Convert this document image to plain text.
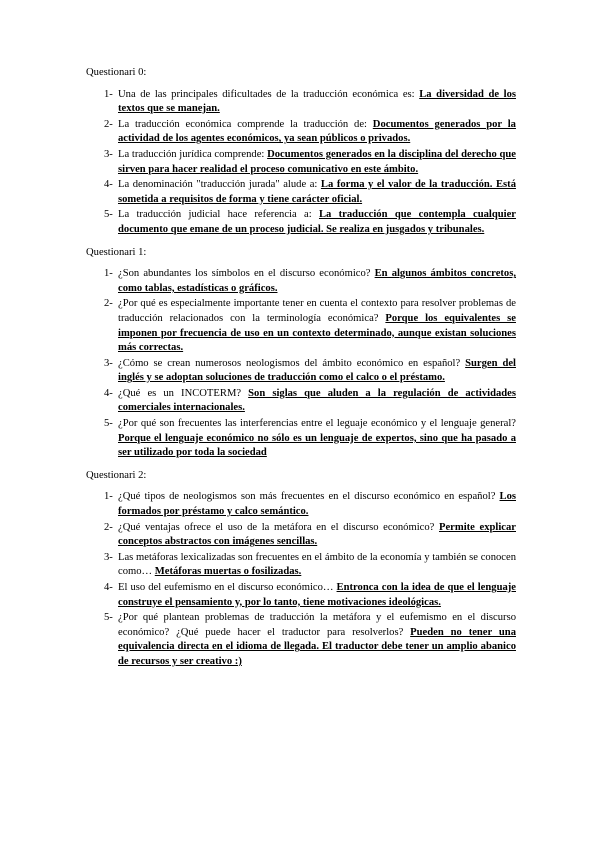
Questionari 0:
1- Una de las principales dificultades de la traducción económica es: La diversidad de los textos que se manejan.
2- La traducción económica comprende la traducción de: Documentos generados por la actividad de los agentes económicos, ya sean públicos o privados.
3- La traducción jurídica comprende: Documentos generados en la disciplina del derecho que sirven para hacer realidad el proceso comunicativo en este ámbito.
4- La denominación "traducción jurada" alude a: La forma y el valor de la traducción. Está sometida a requisitos de forma y tiene carácter oficial.
5- La traducción judicial hace referencia a: La traducción que contempla cualquier documento que emane de un proceso judicial. Se realiza en jusgados y tribunales.
Questionari 1:
1- ¿Son abundantes los símbolos en el discurso económico? En algunos ámbitos concretos, como tablas, estadísticas o gráficos.
2- ¿Por qué es especialmente importante tener en cuenta el contexto para resolver problemas de traducción relacionados con la terminología económica? Porque los equivalentes se imponen por frecuencia de uso en un contexto determinado, aunque existan soluciones más correctas.
3- ¿Cómo se crean numerosos neologismos del ámbito económico en español? Surgen del inglés y se adoptan soluciones de traducción como el calco o el préstamo.
4- ¿Qué es un INCOTERM? Son siglas que aluden a la regulación de actividades comerciales internacionales.
5- ¿Por qué son frecuentes las interferencias entre el leguaje económico y el lenguaje general? Porque el lenguaje económico no sólo es un lenguaje de expertos, sino que ha pasado a ser utilizado por toda la sociedad
Questionari 2:
1- ¿Qué tipos de neologismos son más frecuentes en el discurso económico en español? Los formados por préstamo y calco semántico.
2- ¿Qué ventajas ofrece el uso de la metáfora en el discurso económico? Permite explicar conceptos abstractos con imágenes sencillas.
3- Las metáforas lexicalizadas son frecuentes en el ámbito de la economía y también se conocen como… Metáforas muertas o fosilizadas.
4- El uso del eufemismo en el discurso económico… Entronca con la idea de que el lenguaje construye el pensamiento y, por lo tanto, tiene motivaciones ideológicas.
5- ¿Por qué plantean problemas de traducción la metáfora y el eufemismo en el discurso económico? ¿Qué puede hacer el traductor para resolverlos? Pueden no tener una equivalencia directa en el idioma de llegada. El traductor debe tener un amplio abanico de recursos y ser creativo :)
